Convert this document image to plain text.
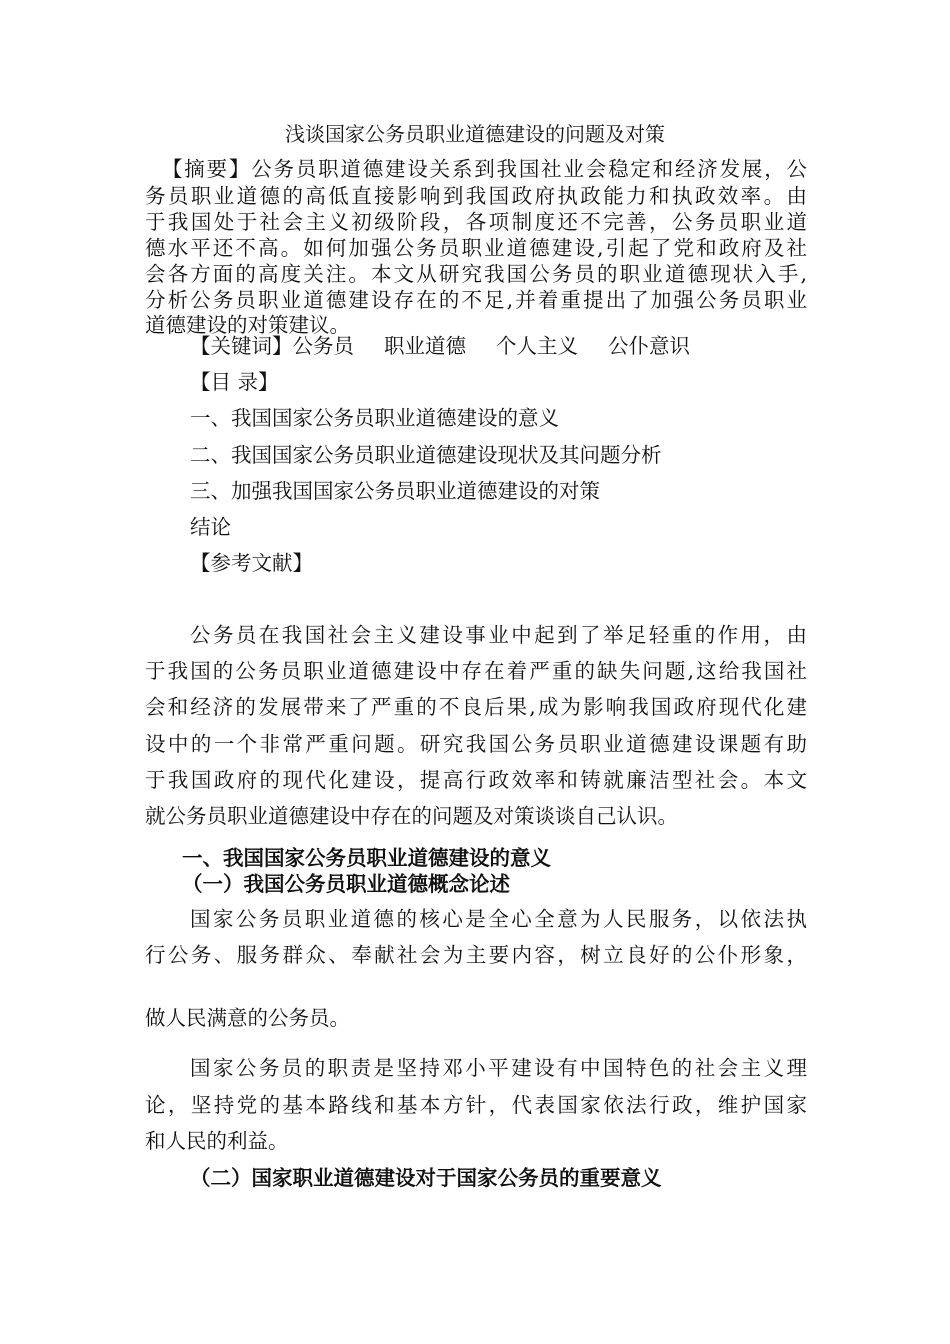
浅谈国家公务员职业道德建设的问题及对策
【摘要】公务员职道德建设关系到我国社业会稳定和经济发展，公
务员职业道德的高低直接影响到我国政府执政能力和执政效率。由
于我国处于社会主义初级阶段，各项制度还不完善，公务员职业道
德水平还不高。如何加强公务员职业道德建设,引起了党和政府及社
会各方面的高度关注。本文从研究我国公务员的职业道德现状入手,
分析公务员职业道德建设存在的不足,并着重提出了加强公务员职业
道德建设的对策建议。
【关键词】公务员 职业道德 个人主义 公仆意识
【目 录】
一、我国国家公务员职业道德建设的意义
二、我国国家公务员职业道德建设现状及其问题分析
三、加强我国国家公务员职业道德建设的对策
结论
【参考文献】
公务员在我国社会主义建设事业中起到了举足轻重的作用，由
于我国的公务员职业道德建设中存在着严重的缺失问题,这给我国社
会和经济的发展带来了严重的不良后果,成为影响我国政府现代化建
设中的一个非常严重问题。研究我国公务员职业道德建设课题有助
于我国政府的现代化建设，提高行政效率和铸就廉洁型社会。本文
就公务员职业道德建设中存在的问题及对策谈谈自己认识。
一、我国国家公务员职业道德建设的意义
（一）我国公务员职业道德概念论述
国家公务员职业道德的核心是全心全意为人民服务，以依法执
行公务、服务群众、奉献社会为主要内容，树立良好的公仆形象，
做人民满意的公务员。
国家公务员的职责是坚持邓小平建设有中国特色的社会主义理
论，坚持党的基本路线和基本方针，代表国家依法行政，维护国家
和人民的利益。
（二）国家职业道德建设对于国家公务员的重要意义
